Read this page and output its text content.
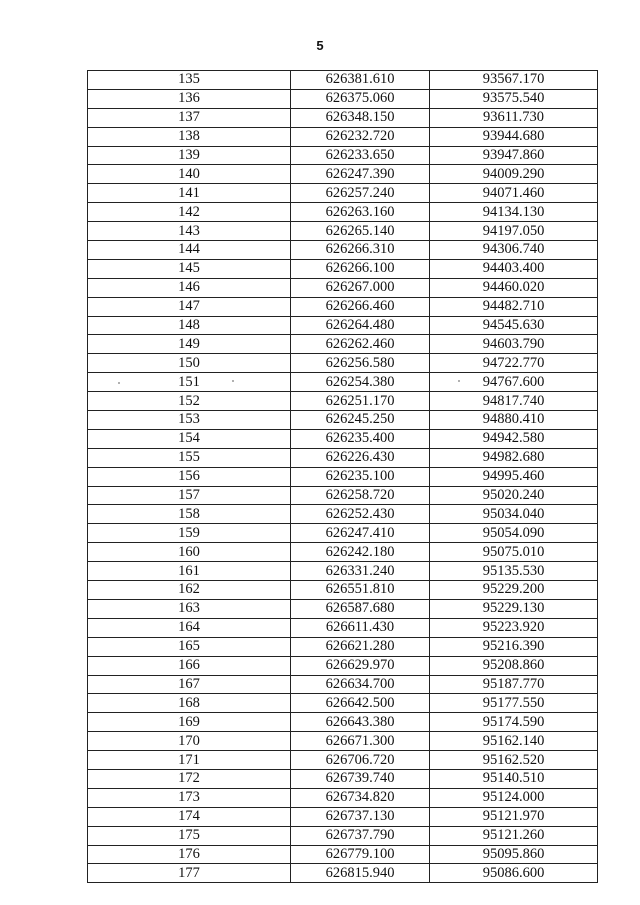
5
135	626381.610	93567.170
136	626375.060	93575.540
137	626348.150	93611.730
138	626232.720	93944.680
139	626233.650	93947.860
140	626247.390	94009.290
141	626257.240	94071.460
142	626263.160	94134.130
143	626265.140	94197.050
144	626266.310	94306.740
145	626266.100	94403.400
146	626267.000	94460.020
147	626266.460	94482.710
148	626264.480	94545.630
149	626262.460	94603.790
150	626256.580	94722.770
151	626254.380	94767.600
152	626251.170	94817.740
153	626245.250	94880.410
154	626235.400	94942.580
155	626226.430	94982.680
156	626235.100	94995.460
157	626258.720	95020.240
158	626252.430	95034.040
159	626247.410	95054.090
160	626242.180	95075.010
161	626331.240	95135.530
162	626551.810	95229.200
163	626587.680	95229.130
164	626611.430	95223.920
165	626621.280	95216.390
166	626629.970	95208.860
167	626634.700	95187.770
168	626642.500	95177.550
169	626643.380	95174.590
170	626671.300	95162.140
171	626706.720	95162.520
172	626739.740	95140.510
173	626734.820	95124.000
174	626737.130	95121.970
175	626737.790	95121.260
176	626779.100	95095.860
177	626815.940	95086.600
